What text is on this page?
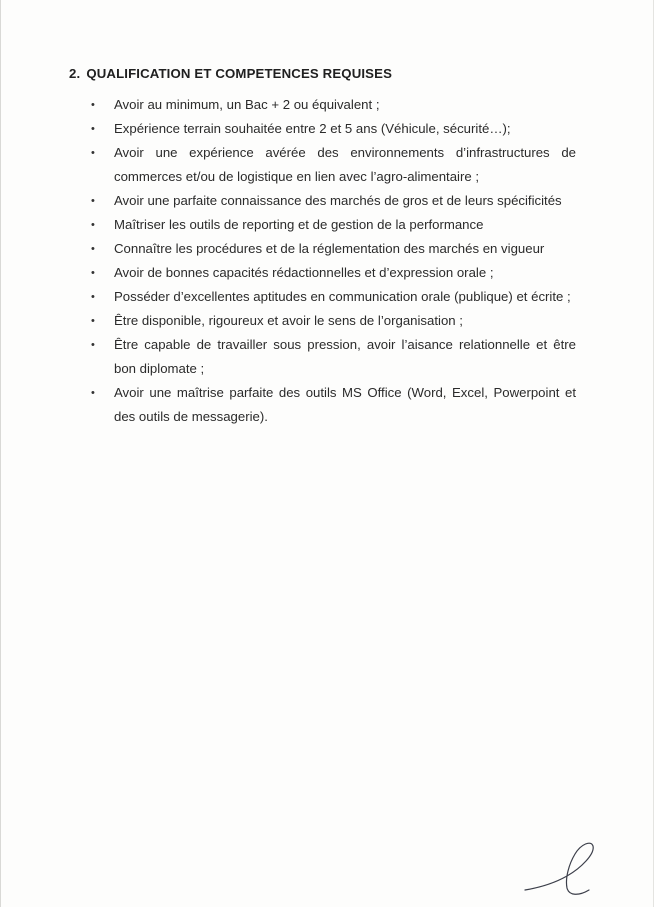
2. QUALIFICATION ET COMPETENCES REQUISES
• Avoir au minimum, un Bac + 2 ou équivalent ;
• Expérience terrain souhaitée entre 2 et 5 ans (Véhicule, sécurité…);
• Avoir une expérience avérée des environnements d’infrastructures de commerces et/ou de logistique en lien avec l’agro-alimentaire ;
• Avoir une parfaite connaissance des marchés de gros et de leurs spécificités
• Maîtriser les outils de reporting et de gestion de la performance
• Connaître les procédures et de la réglementation des marchés en vigueur
• Avoir de bonnes capacités rédactionnelles et d’expression orale ;
• Posséder d’excellentes aptitudes en communication orale (publique) et écrite ;
• Être disponible, rigoureux et avoir le sens de l’organisation ;
• Être capable de travailler sous pression, avoir l’aisance relationnelle et être bon diplomate ;
• Avoir une maîtrise parfaite des outils MS Office (Word, Excel, Powerpoint et des outils de messagerie).
